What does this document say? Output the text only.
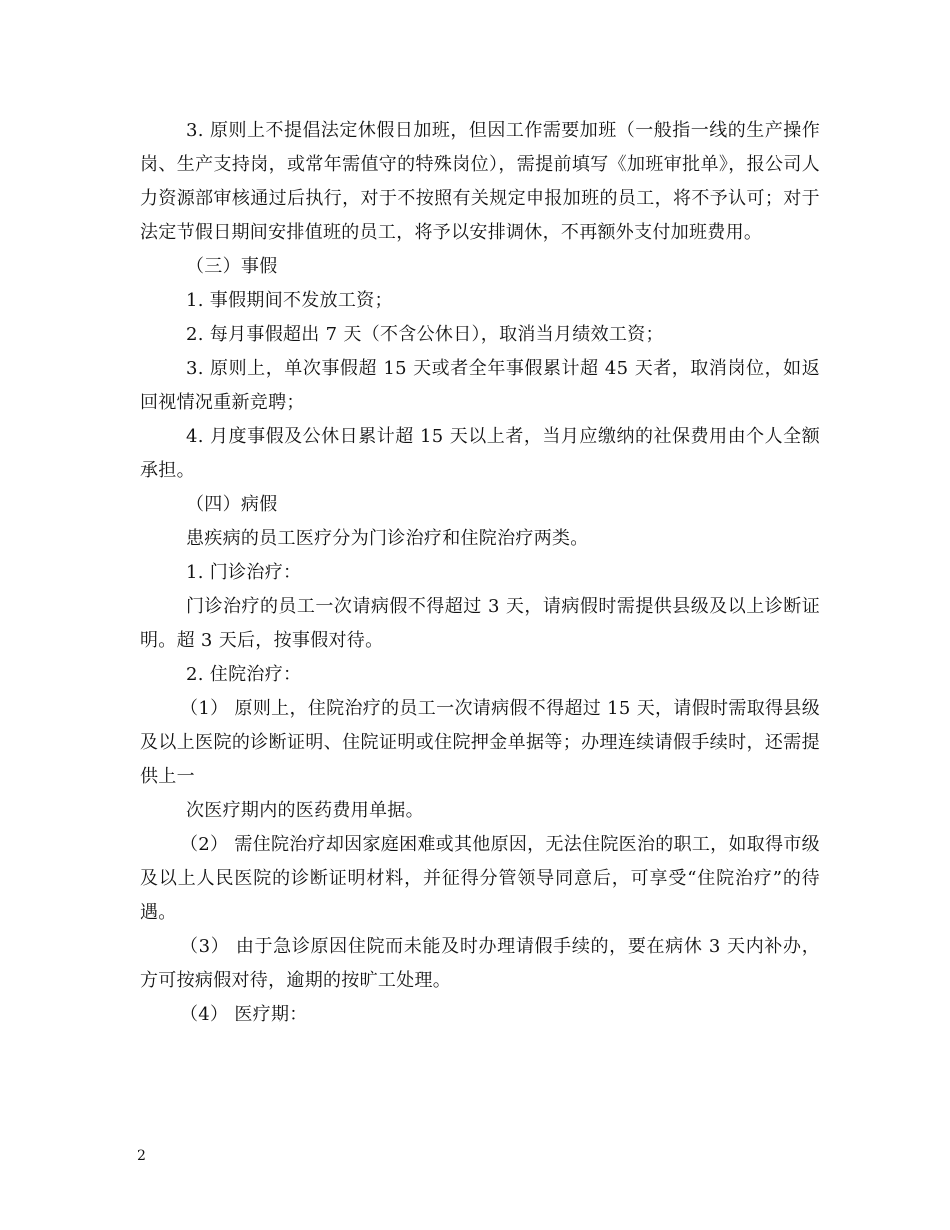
3. 原则上不提倡法定休假日加班，但因工作需要加班（一般指一线的生产操作岗、生产支持岗，或常年需值守的特殊岗位），需提前填写《加班审批单》，报公司人力资源部审核通过后执行，对于不按照有关规定申报加班的员工，将不予认可；对于法定节假日期间安排值班的员工，将予以安排调休，不再额外支付加班费用。

（三）事假

1. 事假期间不发放工资；

2. 每月事假超出 7 天（不含公休日），取消当月绩效工资；

3. 原则上，单次事假超 15 天或者全年事假累计超 45 天者，取消岗位，如返回视情况重新竞聘；

4. 月度事假及公休日累计超 15 天以上者，当月应缴纳的社保费用由个人全额承担。

（四）病假

患疾病的员工医疗分为门诊治疗和住院治疗两类。

1. 门诊治疗：

门诊治疗的员工一次请病假不得超过 3 天，请病假时需提供县级及以上诊断证明。超 3 天后，按事假对待。

2. 住院治疗：

（1） 原则上，住院治疗的员工一次请病假不得超过 15 天，请假时需取得县级及以上医院的诊断证明、住院证明或住院押金单据等；办理连续请假手续时，还需提供上一

次医疗期内的医药费用单据。

（2） 需住院治疗却因家庭困难或其他原因，无法住院医治的职工，如取得市级及以上人民医院的诊断证明材料，并征得分管领导同意后，可享受“住院治疗”的待遇。

（3） 由于急诊原因住院而未能及时办理请假手续的，要在病休 3 天内补办，方可按病假对待，逾期的按旷工处理。

（4） 医疗期：

2
